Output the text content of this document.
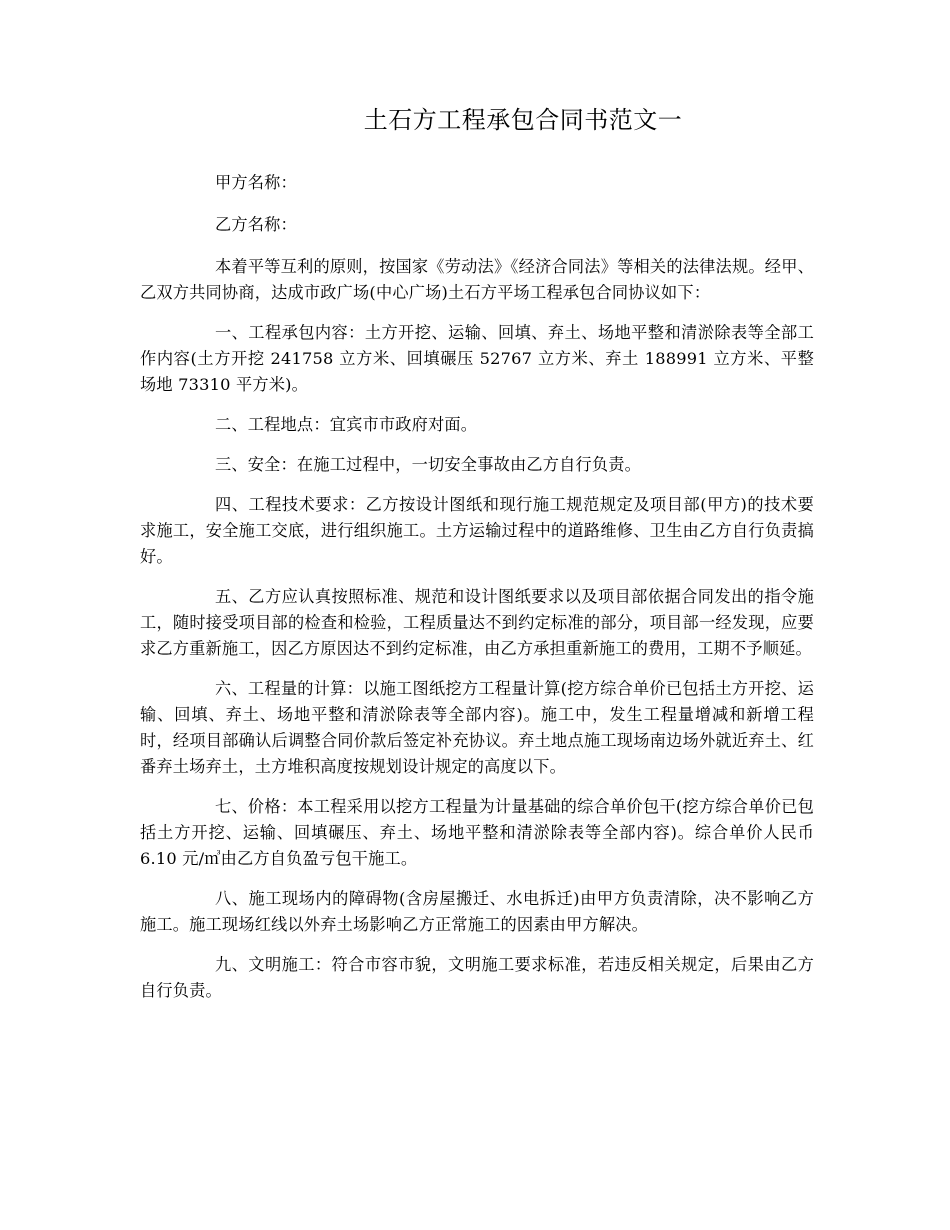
土石方工程承包合同书范文一

甲方名称：

乙方名称：

本着平等互利的原则，按国家《劳动法》《经济合同法》等相关的法律法规。经甲、乙双方共同协商，达成市政广场(中心广场)土石方平场工程承包合同协议如下：

一、工程承包内容：土方开挖、运输、回填、弃土、场地平整和清淤除表等全部工作内容(土方开挖 241758 立方米、回填碾压 52767 立方米、弃土 188991 立方米、平整场地 73310 平方米)。

二、工程地点：宜宾市市政府对面。

三、安全：在施工过程中，一切安全事故由乙方自行负责。

四、工程技术要求：乙方按设计图纸和现行施工规范规定及项目部(甲方)的技术要求施工，安全施工交底，进行组织施工。土方运输过程中的道路维修、卫生由乙方自行负责搞好。

五、乙方应认真按照标准、规范和设计图纸要求以及项目部依据合同发出的指令施工，随时接受项目部的检查和检验，工程质量达不到约定标准的部分，项目部一经发现，应要求乙方重新施工，因乙方原因达不到约定标准，由乙方承担重新施工的费用，工期不予顺延。

六、工程量的计算：以施工图纸挖方工程量计算(挖方综合单价已包括土方开挖、运输、回填、弃土、场地平整和清淤除表等全部内容)。施工中，发生工程量增减和新增工程时，经项目部确认后调整合同价款后签定补充协议。弃土地点施工现场南边场外就近弃土、红番弃土场弃土，土方堆积高度按规划设计规定的高度以下。

七、价格：本工程采用以挖方工程量为计量基础的综合单价包干(挖方综合单价已包括土方开挖、运输、回填碾压、弃土、场地平整和清淤除表等全部内容)。综合单价人民币 6.10 元/㎥由乙方自负盈亏包干施工。

八、施工现场内的障碍物(含房屋搬迁、水电拆迁)由甲方负责清除，决不影响乙方施工。施工现场红线以外弃土场影响乙方正常施工的因素由甲方解决。

九、文明施工：符合市容市貌，文明施工要求标准，若违反相关规定，后果由乙方自行负责。
